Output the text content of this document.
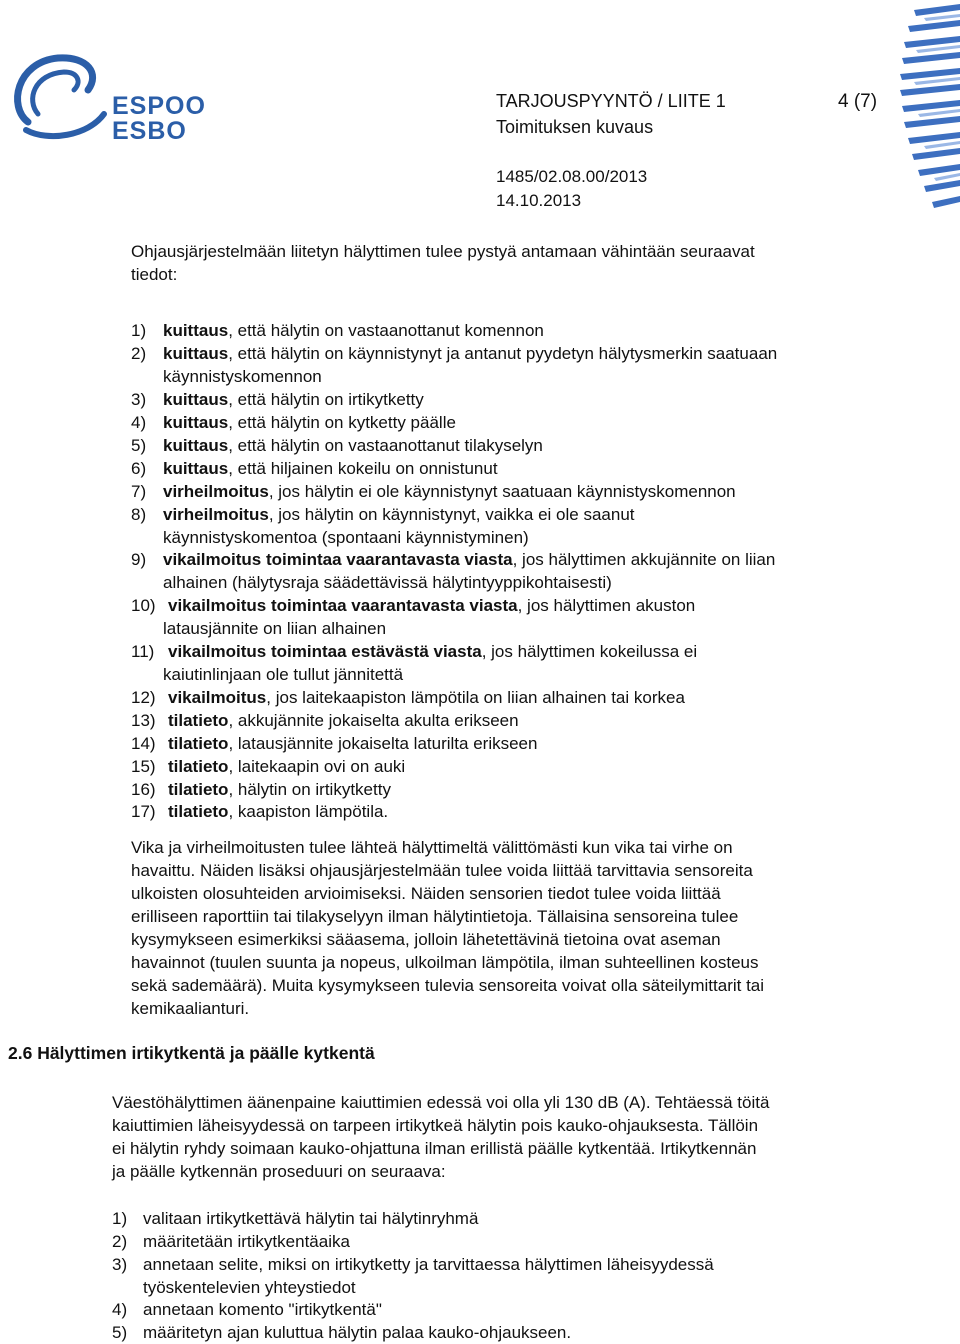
ESPOO
ESBO
TARJOUSPYYNTÖ / LIITE 1	4 (7)
Toimituksen kuvaus
1485/02.08.00/2013
14.10.2013
Ohjausjärjestelmään liitetyn hälyttimen tulee pystyä antamaan vähintään seuraavat
tiedot:
1) kuittaus, että hälytin on vastaanottanut komennon
2) kuittaus, että hälytin on käynnistynyt ja antanut pyydetyn hälytysmerkin saatuaan
käynnistyskomennon
3) kuittaus, että hälytin on irtikytketty
4) kuittaus, että hälytin on kytketty päälle
5) kuittaus, että hälytin on vastaanottanut tilakyselyn
6) kuittaus, että hiljainen kokeilu on onnistunut
7) virheilmoitus, jos hälytin ei ole käynnistynyt saatuaan käynnistyskomennon
8) virheilmoitus, jos hälytin on käynnistynyt, vaikka ei ole saanut
käynnistyskomentoa (spontaani käynnistyminen)
9) vikailmoitus toimintaa vaarantavasta viasta, jos hälyttimen akkujännite on liian
alhainen (hälytysraja säädettävissä hälytintyyppikohtaisesti)
10) vikailmoitus toimintaa vaarantavasta viasta, jos hälyttimen akuston
latausjännite on liian alhainen
11) vikailmoitus toimintaa estävästä viasta, jos hälyttimen kokeilussa ei
kaiutinlinjaan ole tullut jännitettä
12) vikailmoitus, jos laitekaapiston lämpötila on liian alhainen tai korkea
13) tilatieto, akkujännite jokaiselta akulta erikseen
14) tilatieto, latausjännite jokaiselta laturilta erikseen
15) tilatieto, laitekaapin ovi on auki
16) tilatieto, hälytin on irtikytketty
17) tilatieto, kaapiston lämpötila.
Vika ja virheilmoitusten tulee lähteä hälyttimeltä välittömästi kun vika tai virhe on
havaittu. Näiden lisäksi ohjausjärjestelmään tulee voida liittää tarvittavia sensoreita
ulkoisten olosuhteiden arvioimiseksi. Näiden sensorien tiedot tulee voida liittää
erilliseen raporttiin tai tilakyselyyn ilman hälytintietoja. Tällaisina sensoreina tulee
kysymykseen esimerkiksi sääasema, jolloin lähetettävinä tietoina ovat aseman
havainnot (tuulen suunta ja nopeus, ulkoilman lämpötila, ilman suhteellinen kosteus
sekä sademäärä). Muita kysymykseen tulevia sensoreita voivat olla säteilymittarit tai
kemikaalianturi.
2.6 Hälyttimen irtikytkentä ja päälle kytkentä
Väestöhälyttimen äänenpaine kaiuttimien edessä voi olla yli 130 dB (A). Tehtäessä töitä
kaiuttimien läheisyydessä on tarpeen irtikytkeä hälytin pois kauko-ohjauksesta. Tällöin
ei hälytin ryhdy soimaan kauko-ohjattuna ilman erillistä päälle kytkentää. Irtikytkennän
ja päälle kytkennän proseduuri on seuraava:
1) valitaan irtikytkettävä hälytin tai hälytinryhmä
2) määritetään irtikytkentäaika
3) annetaan selite, miksi on irtikytketty ja tarvittaessa hälyttimen läheisyydessä
työskentelevien yhteystiedot
4) annetaan komento "irtikytkentä"
5) määritetyn ajan kuluttua hälytin palaa kauko-ohjaukseen.
